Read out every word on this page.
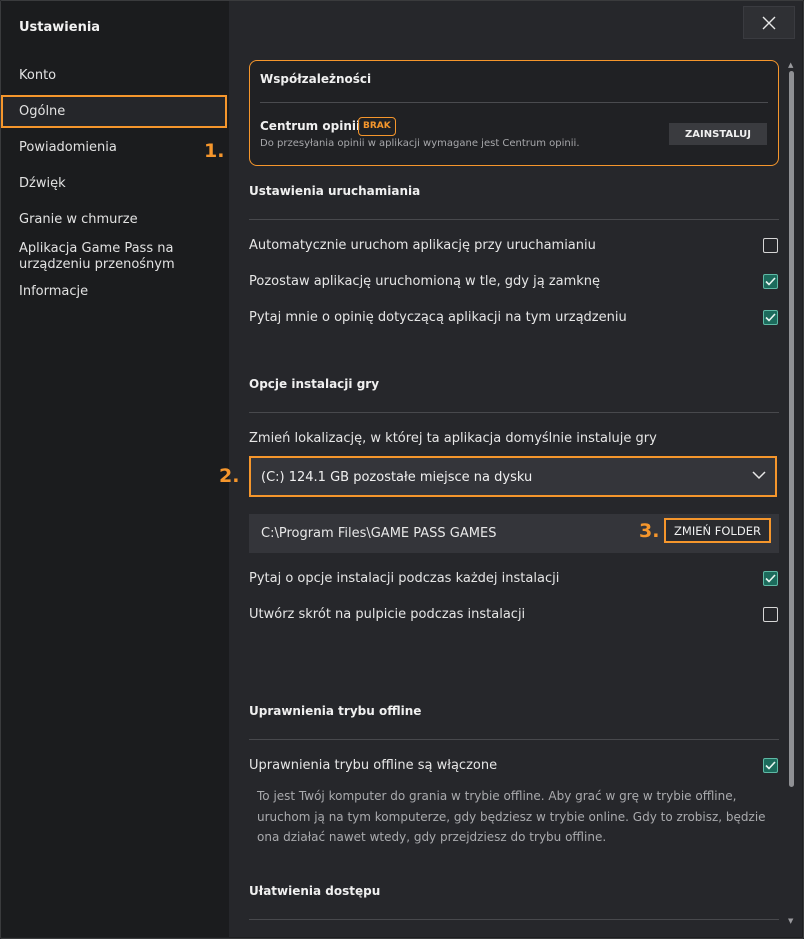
Ustawienia
Konto
Ogólne
Powiadomienia
Dźwięk
Granie w chmurze
Aplikacja Game Pass na urządzeniu przenośnym
Informacje
1.
Współzależności
Centrum opinii BRAK
Do przesyłania opinii w aplikacji wymagane jest Centrum opinii.
ZAINSTALUJ
Ustawienia uruchamiania
Automatycznie uruchom aplikację przy uruchamianiu
Pozostaw aplikację uruchomioną w tle, gdy ją zamknę
Pytaj mnie o opinię dotyczącą aplikacji na tym urządzeniu
Opcje instalacji gry
Zmień lokalizację, w której ta aplikacja domyślnie instaluje gry
2. (C:) 124.1 GB pozostałe miejsce na dysku
C:\Program Files\GAME PASS GAMES	3.	ZMIEŃ FOLDER
Pytaj o opcje instalacji podczas każdej instalacji
Utwórz skrót na pulpicie podczas instalacji
Uprawnienia trybu offline
Uprawnienia trybu offline są włączone
To jest Twój komputer do grania w trybie offline. Aby grać w grę w trybie offline, uruchom ją na tym komputerze, gdy będziesz w trybie online. Gdy to zrobisz, będzie ona działać nawet wtedy, gdy przejdziesz do trybu offline.
Ułatwienia dostępu
▲
▼
